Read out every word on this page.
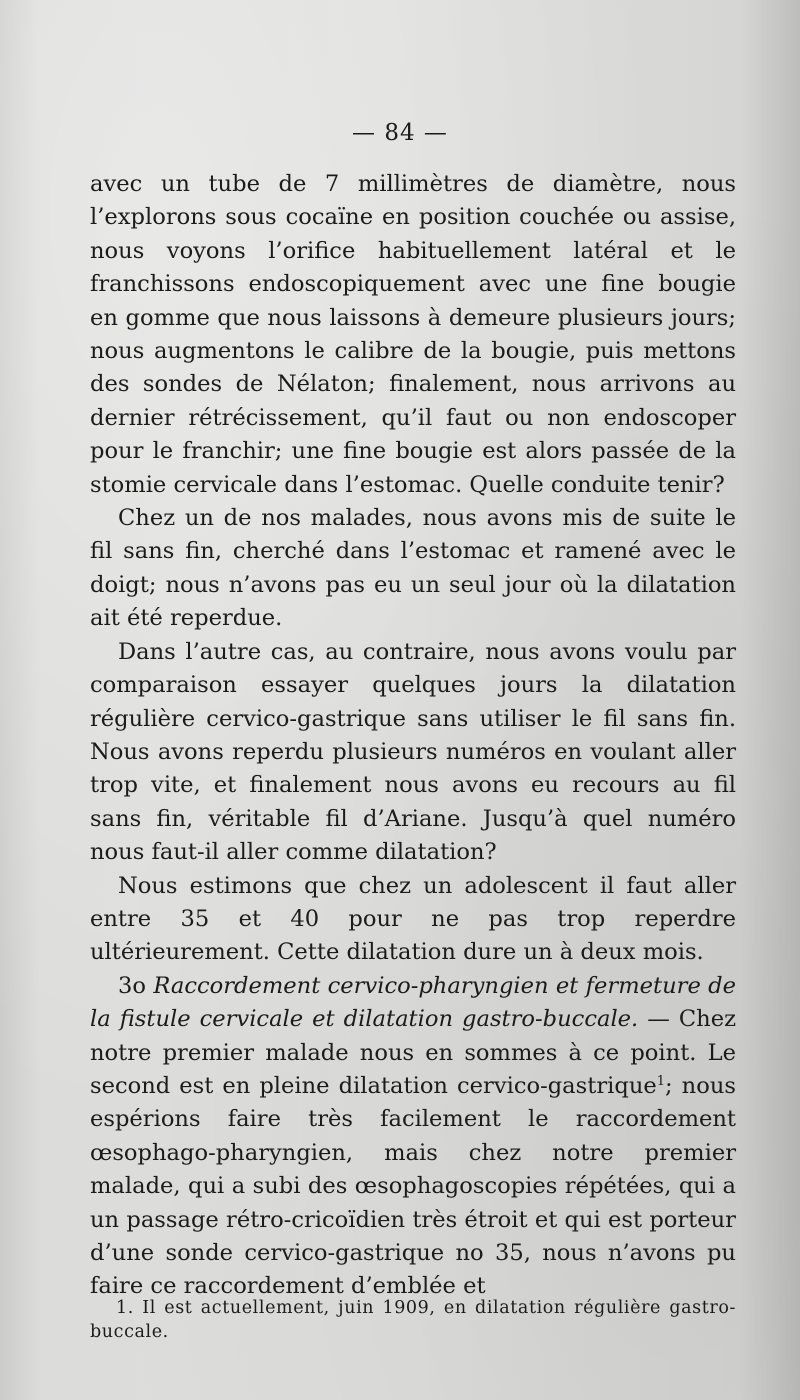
— 84 —

avec un tube de 7 millimètres de diamètre, nous l’explorons sous cocaïne en position couchée ou assise, nous voyons l’orifice habituellement latéral et le franchissons endoscopiquement avec une fine bougie en gomme que nous laissons à demeure plusieurs jours; nous augmentons le calibre de la bougie, puis mettons des sondes de Nélaton; finalement, nous arrivons au dernier rétrécissement, qu’il faut ou non endoscoper pour le franchir; une fine bougie est alors passée de la stomie cervicale dans l’estomac. Quelle conduite tenir?

Chez un de nos malades, nous avons mis de suite le fil sans fin, cherché dans l’estomac et ramené avec le doigt; nous n’avons pas eu un seul jour où la dilatation ait été reperdue.

Dans l’autre cas, au contraire, nous avons voulu par comparaison essayer quelques jours la dilatation régulière cervico-gastrique sans utiliser le fil sans fin. Nous avons reperdu plusieurs numéros en voulant aller trop vite, et finalement nous avons eu recours au fil sans fin, véritable fil d’Ariane. Jusqu’à quel numéro nous faut-il aller comme dilatation?

Nous estimons que chez un adolescent il faut aller entre 35 et 40 pour ne pas trop reperdre ultérieurement. Cette dilatation dure un à deux mois.

3o Raccordement cervico-pharyngien et fermeture de la fistule cervicale et dilatation gastro-buccale. — Chez notre premier malade nous en sommes à ce point. Le second est en pleine dilatation cervico-gastrique$^1$; nous espérions faire très facilement le raccordement œsophago-pharyngien, mais chez notre premier malade, qui a subi des œsophagoscopies répétées, qui a un passage rétro-cricoïdien très étroit et qui est porteur d’une sonde cervico-gastrique no 35, nous n’avons pu faire ce raccordement d’emblée et

1. Il est actuellement, juin 1909, en dilatation régulière gastro-buccale.
